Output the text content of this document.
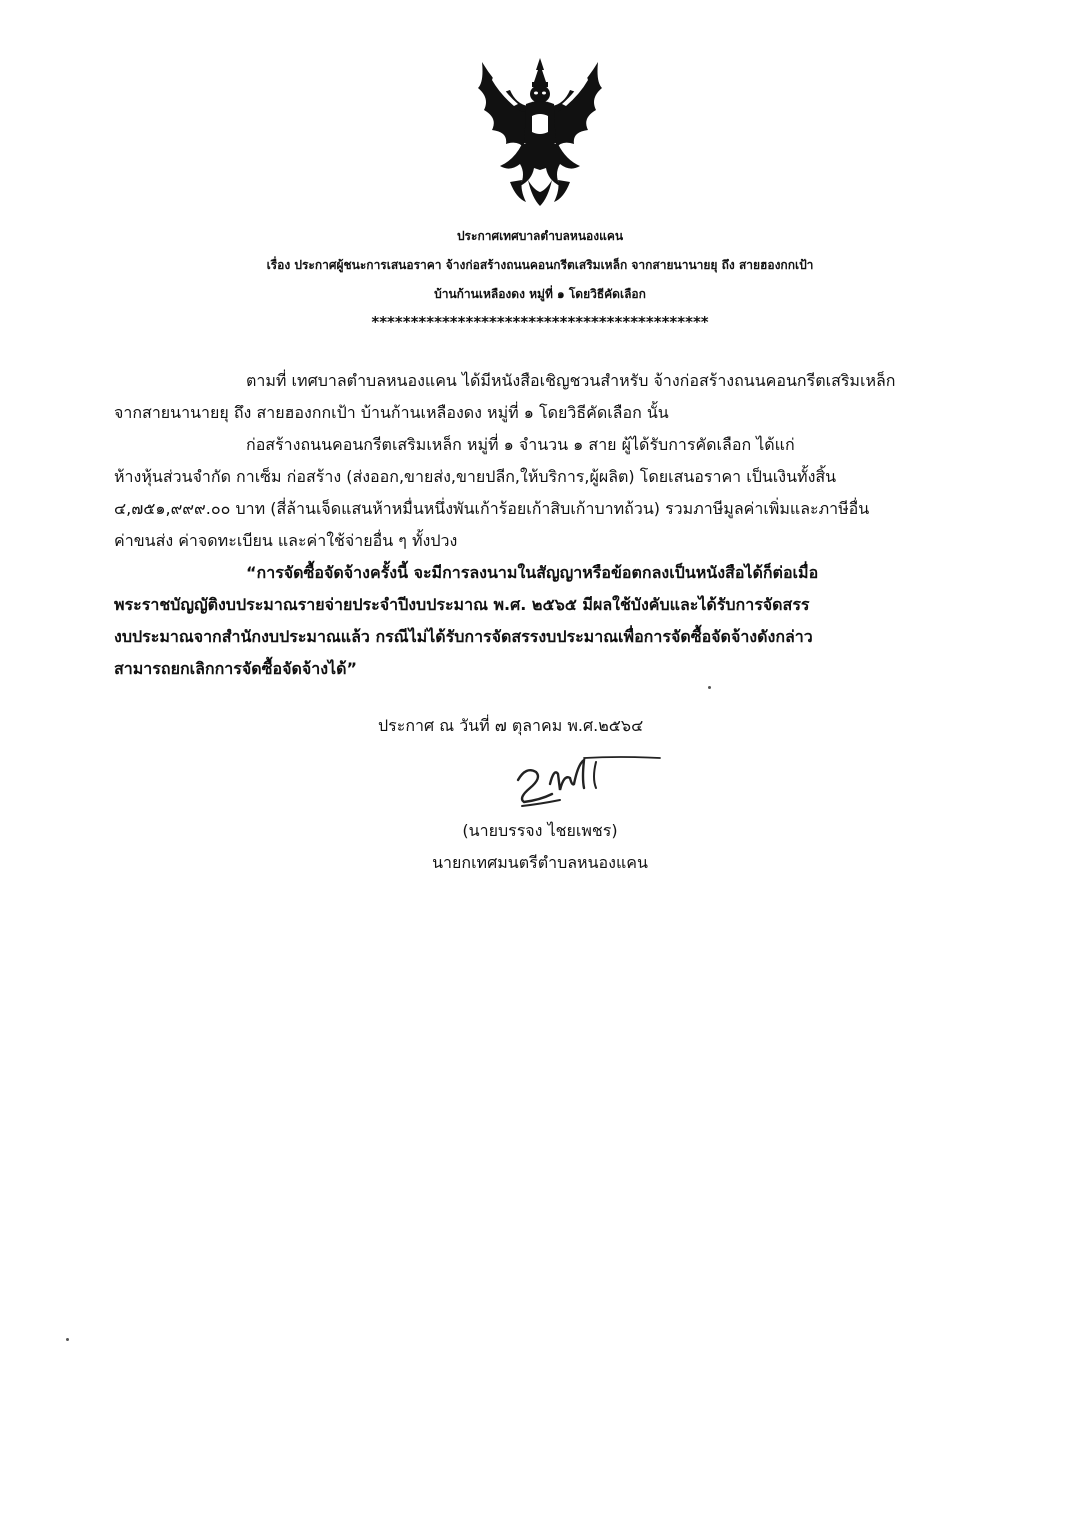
ประกาศเทศบาลตำบลหนองแคน
เรื่อง ประกาศผู้ชนะการเสนอราคา จ้างก่อสร้างถนนคอนกรีตเสริมเหล็ก จากสายนานายยุ ถึง สายฮองกกเป้า
บ้านก้านเหลืองดง หมู่ที่ ๑ โดยวิธีคัดเลือก
*******************************************
ตามที่ เทศบาลตำบลหนองแคน ได้มีหนังสือเชิญชวนสำหรับ จ้างก่อสร้างถนนคอนกรีตเสริมเหล็ก
จากสายนานายยุ ถึง สายฮองกกเป้า บ้านก้านเหลืองดง หมู่ที่ ๑ โดยวิธีคัดเลือก นั้น
ก่อสร้างถนนคอนกรีตเสริมเหล็ก หมู่ที่ ๑ จำนวน ๑ สาย ผู้ได้รับการคัดเลือก ได้แก่
ห้างหุ้นส่วนจำกัด กาเซ็ม ก่อสร้าง (ส่งออก,ขายส่ง,ขายปลีก,ให้บริการ,ผู้ผลิต) โดยเสนอราคา เป็นเงินทั้งสิ้น
๔,๗๕๑,๙๙๙.๐๐ บาท (สี่ล้านเจ็ดแสนห้าหมื่นหนึ่งพันเก้าร้อยเก้าสิบเก้าบาทถ้วน) รวมภาษีมูลค่าเพิ่มและภาษีอื่น
ค่าขนส่ง ค่าจดทะเบียน และค่าใช้จ่ายอื่น ๆ ทั้งปวง
“การจัดซื้อจัดจ้างครั้งนี้ จะมีการลงนามในสัญญาหรือข้อตกลงเป็นหนังสือได้ก็ต่อเมื่อ
พระราชบัญญัติงบประมาณรายจ่ายประจำปีงบประมาณ พ.ศ. ๒๕๖๕ มีผลใช้บังคับและได้รับการจัดสรร
งบประมาณจากสำนักงบประมาณแล้ว กรณีไม่ได้รับการจัดสรรงบประมาณเพื่อการจัดซื้อจัดจ้างดังกล่าว
สามารถยกเลิกการจัดซื้อจัดจ้างได้”
ประกาศ ณ วันที่ ๗ ตุลาคม พ.ศ.๒๕๖๔
(นายบรรจง ไชยเพชร)
นายกเทศมนตรีตำบลหนองแคน
